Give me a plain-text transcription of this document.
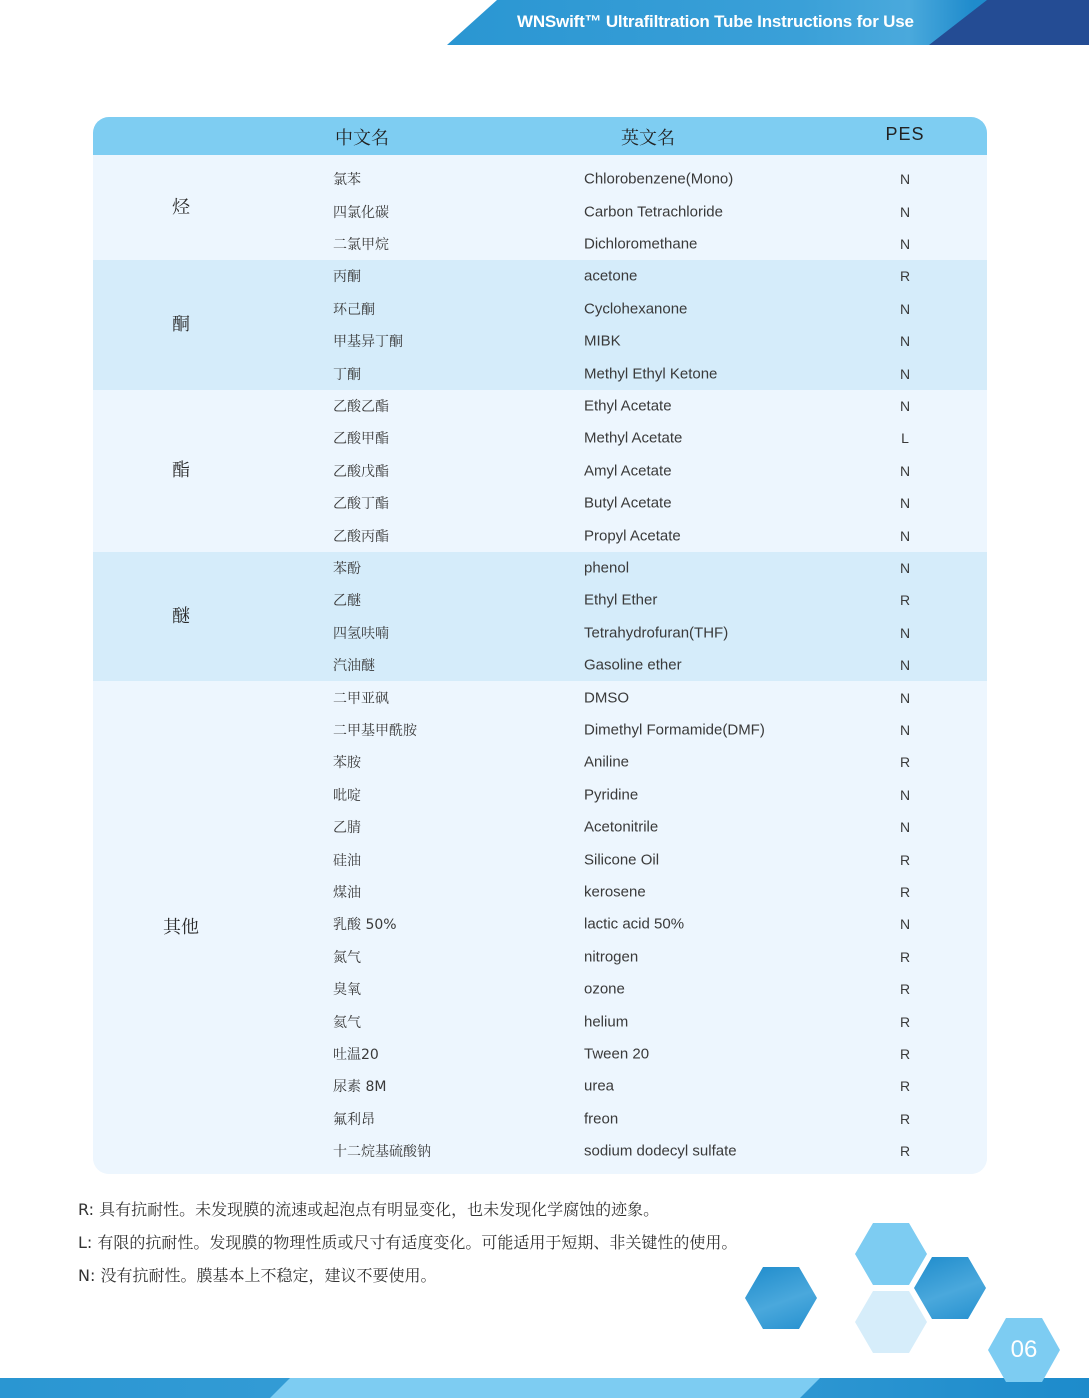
WNSwift™ Ultrafiltration Tube Instructions for Use
中文名	英文名	PES
烃
氯苯	Chlorobenzene(Mono)	N
四氯化碳	Carbon Tetrachloride	N
二氯甲烷	Dichloromethane	N
酮
丙酮	acetone	R
环己酮	Cyclohexanone	N
甲基异丁酮	MIBK	N
丁酮	Methyl Ethyl Ketone	N
酯
乙酸乙酯	Ethyl Acetate	N
乙酸甲酯	Methyl Acetate	L
乙酸戊酯	Amyl Acetate	N
乙酸丁酯	Butyl Acetate	N
乙酸丙酯	Propyl Acetate	N
醚
苯酚	phenol	N
乙醚	Ethyl Ether	R
四氢呋喃	Tetrahydrofuran(THF)	N
汽油醚	Gasoline ether	N
其他
二甲亚砜	DMSO	N
二甲基甲酰胺	Dimethyl Formamide(DMF)	N
苯胺	Aniline	R
吡啶	Pyridine	N
乙腈	Acetonitrile	N
硅油	Silicone Oil	R
煤油	kerosene	R
乳酸 50%	lactic acid 50%	N
氮气	nitrogen	R
臭氧	ozone	R
氦气	helium	R
吐温20	Tween 20	R
尿素 8M	urea	R
氟利昂	freon	R
十二烷基硫酸钠	sodium dodecyl sulfate	R
R: 具有抗耐性。未发现膜的流速或起泡点有明显变化，也未发现化学腐蚀的迹象。
L: 有限的抗耐性。发现膜的物理性质或尺寸有适度变化。可能适用于短期、非关键性的使用。
N: 没有抗耐性。膜基本上不稳定，建议不要使用。
06
